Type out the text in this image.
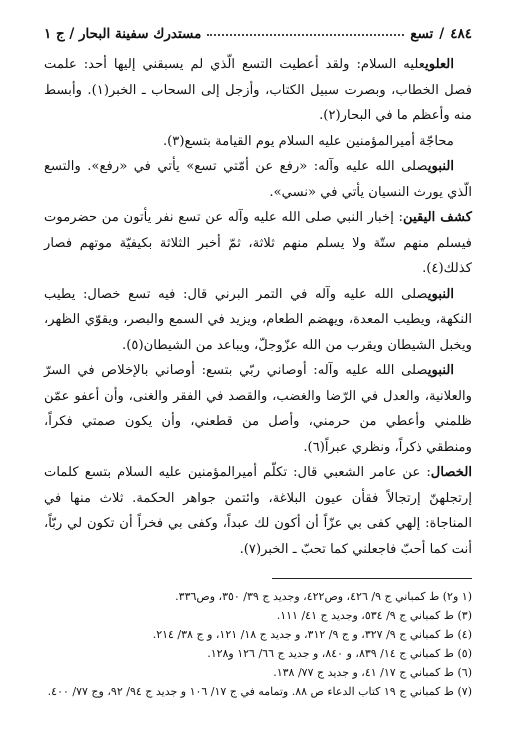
٤٨٤
/
تسع
مستدرك سفينة البحار / ج ١

العلويعليه السلام: ولقد أعطيت التسع الّذي لم يسبقني إليها أحد: علمت فصل الخطاب، وبصرت سبيل الكتاب، وأزجل إلى السحاب ـ الخبر(١). وأبسط منه وأعظم ما في البحار(٢).

محاجّة أميرالمؤمنين عليه السلام يوم القيامة بتسع(٣).

النبويصلى الله عليه وآله: «رفع عن أمّتي تسع» يأتي في «رفع». والتسع الّذي يورث النسيان يأتي في «نسي».

كشف اليقين: إخبار النبي صلى الله عليه وآله عن تسع نفر يأتون من حضرموت فيسلم منهم ستّة ولا يسلم منهم ثلاثة، ثمّ أخبر الثلاثة بكيفيّة موتهم فصار كذلك(٤).

النبويصلى الله عليه وآله في التمر البرني قال: فيه تسع خصال: يطيب النكهة، ويطيب المعدة، ويهضم الطعام، ويزيد في السمع والبصر، ويقوّي الظهر، ويخبل الشيطان ويقرب من الله عزّوجلّ، ويباعد من الشيطان(٥).

النبويصلى الله عليه وآله: أوصاني ربّي بتسع: أوصاني بالإخلاص في السرّ والعلانية، والعدل في الرّضا والغضب، والقصد في الفقر والغنى، وأن أعفو عمّن ظلمني وأعطي من حرمني، وأصل من قطعني، وأن يكون صمتي فكراً، ومنطقي ذكراً، ونظري عبراً(٦).

الخصال: عن عامر الشعبي قال: تكلّم أميرالمؤمنين عليه السلام بتسع كلمات إرتجلهنّ إرتجالاً فقأن عيون البلاغة، وائتمن جواهر الحكمة. ثلاث منها في المناجاة: إلهي كفى بي عزّاً أن أكون لك عبداً، وكفى بي فخراً أن تكون لي ربّاً، أنت كما أحبّ فاجعلني كما تحبّ ـ الخبر(٧).

(١ و٢) ط كمباني ج ٩/ ٤٢٦، وص٤٢٢، وجديد ج ٣٩/ ٣٥٠، وص٣٣٦.
(٣) ط كمباني ج ٩/ ٥٣٤، وجديد ج ٤١/ ١١١.
(٤) ط كمباني ج ٩/ ٣٢٧، و ج ٩/ ٣١٢، و جديد ج ١٨/ ١٢١، و ج ٣٨/ ٢١٤.
(٥) ط كمباني ج ١٤/ ٨٣٩، و ٨٤٠، و جديد ج ٦٦/ ١٢٦ و١٢٨.
(٦) ط كمباني ج ١٧/ ٤١، و جديد ج ٧٧/ ١٣٨.
(٧) ط كمباني ج ١٩ كتاب الدعاء ص ٨٨. وتمامه في ج ١٧/ ١٠٦ و جديد ج ٩٤/ ٩٢، وج ٧٧/ ٤٠٠.
